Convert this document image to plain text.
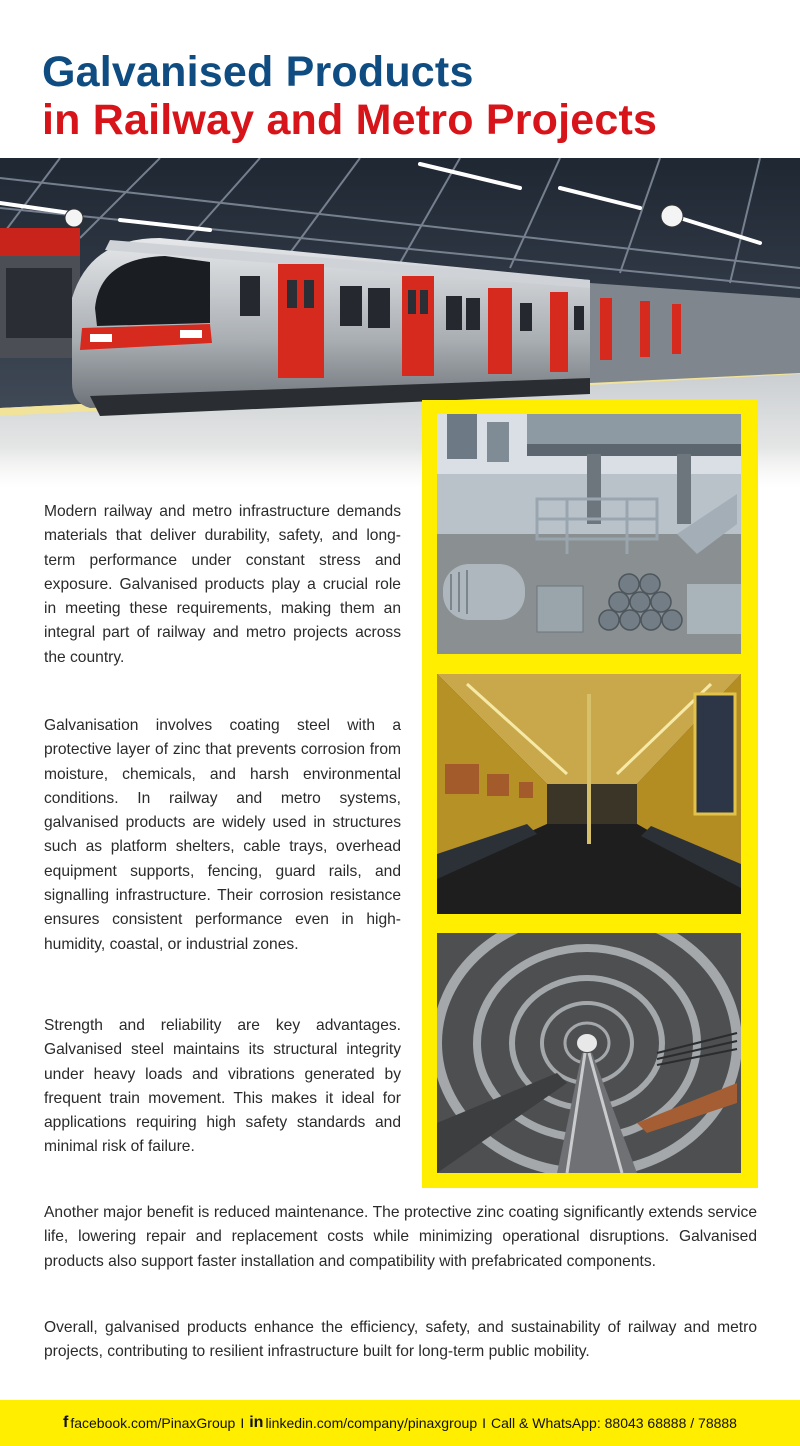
Galvanised Products
in Railway and Metro Projects

Modern railway and metro infrastructure demands materials that deliver durability, safety, and long-term performance under constant stress and exposure. Galvanised products play a crucial role in meeting these requirements, making them an integral part of railway and metro projects across the country.

Galvanisation involves coating steel with a protective layer of zinc that prevents corrosion from moisture, chemicals, and harsh environmental conditions. In railway and metro systems, galvanised products are widely used in structures such as platform shelters, cable trays, overhead equipment supports, fencing, guard rails, and signalling infrastructure. Their corrosion resistance ensures consistent performance even in high-humidity, coastal, or industrial zones.

Strength and reliability are key advantages. Galvanised steel maintains its structural integrity under heavy loads and vibrations generated by frequent train movement. This makes it ideal for applications requiring high safety standards and minimal risk of failure.

Another major benefit is reduced maintenance. The protective zinc coating significantly extends service life, lowering repair and replacement costs while minimizing operational disruptions. Galvanised products also support faster installation and compatibility with prefabricated components.

Overall, galvanised products enhance the efficiency, safety, and sustainability of railway and metro projects, contributing to resilient infrastructure built for long-term public mobility.

f facebook.com/PinaxGroup I in linkedin.com/company/pinaxgroup I Call & WhatsApp: 88043 68888 / 78888
